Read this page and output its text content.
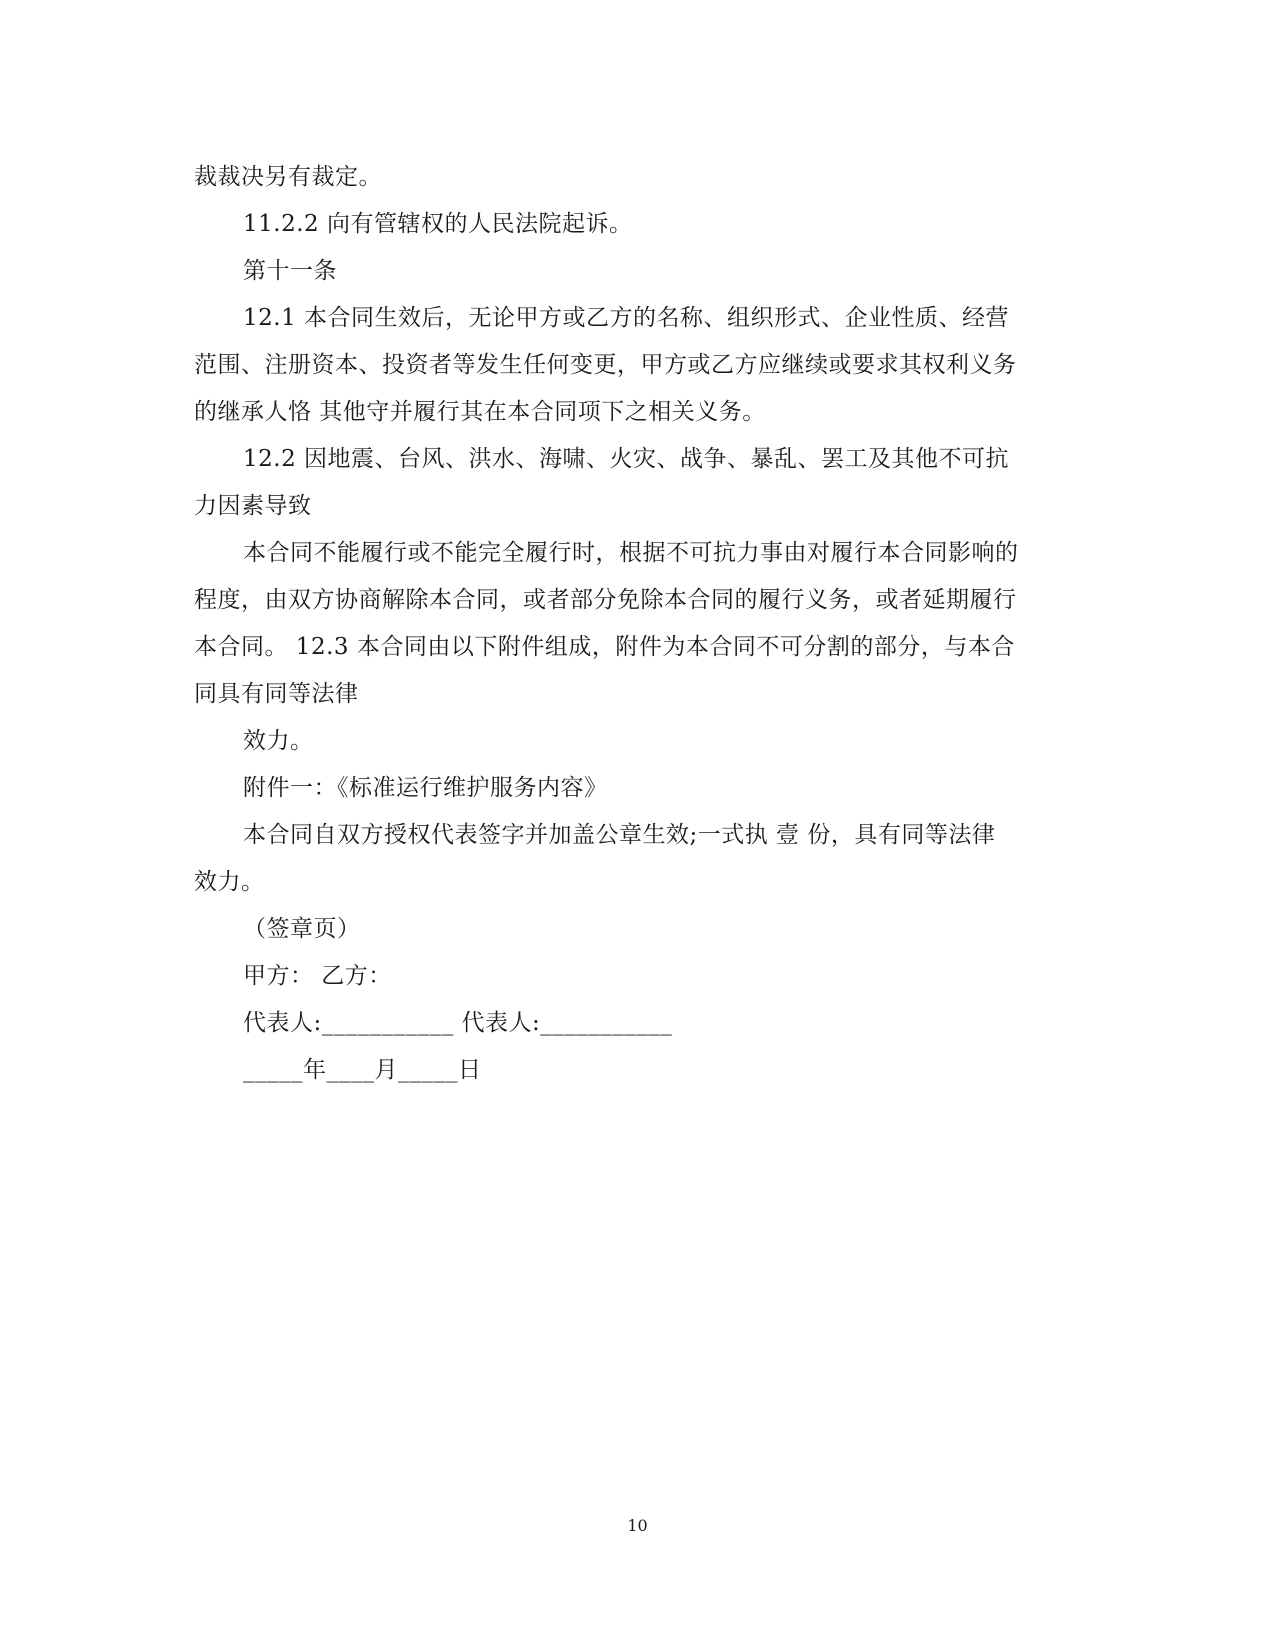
裁裁决另有裁定。
11.2.2 向有管辖权的人民法院起诉。
第十一条
12.1 本合同生效后，无论甲方或乙方的名称、组织形式、企业性质、经营
范围、注册资本、投资者等发生任何变更，甲方或乙方应继续或要求其权利义务
的继承人恪 其他守并履行其在本合同项下之相关义务。
12.2 因地震、台风、洪水、海啸、火灾、战争、暴乱、罢工及其他不可抗
力因素导致
本合同不能履行或不能完全履行时，根据不可抗力事由对履行本合同影响的
程度，由双方协商解除本合同，或者部分免除本合同的履行义务，或者延期履行
本合同。 12.3 本合同由以下附件组成，附件为本合同不可分割的部分，与本合
同具有同等法律
效力。
附件一：《标准运行维护服务内容》
本合同自双方授权代表签字并加盖公章生效;一式执 壹 份，具有同等法律
效力。
（签章页）
甲方： 乙方：
代表人:___________ 代表人:___________
_____年____月_____日
10
